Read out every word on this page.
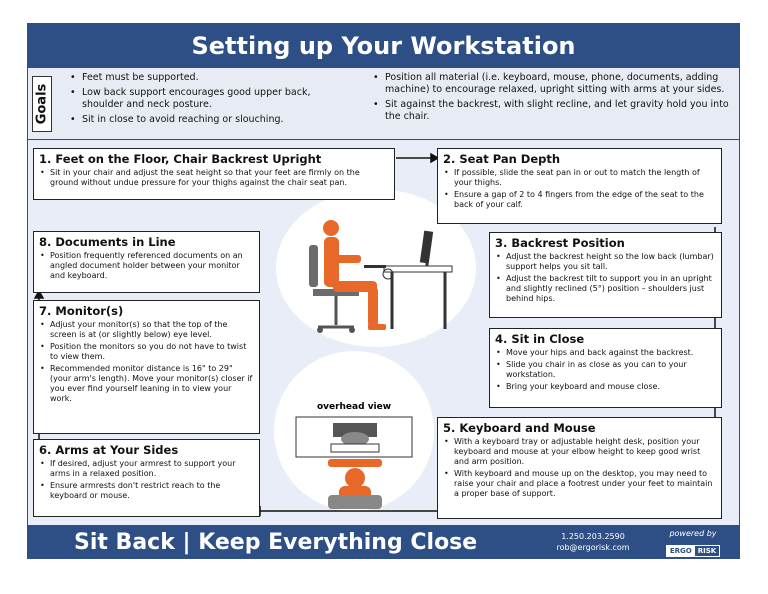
Setting up Your Workstation
Goals
• Feet must be supported.
• Low back support encourages good upper back, shoulder and neck posture.
• Sit in close to avoid reaching or slouching.
• Position all material (i.e. keyboard, mouse, phone, documents, adding machine) to encourage relaxed, upright sitting with arms at your sides.
• Sit against the backrest, with slight recline, and let gravity hold you into the chair.
overhead view
1. Feet on the Floor, Chair Backrest Upright
• Sit in your chair and adjust the seat height so that your feet are firmly on the ground without undue pressure for your thighs against the chair seat pan.
2. Seat Pan Depth
• If possible, slide the seat pan in or out to match the length of your thighs.
• Ensure a gap of 2 to 4 fingers from the edge of the seat to the back of your calf.
3. Backrest Position
• Adjust the backrest height so the low back (lumbar) support helps you sit tall.
• Adjust the backrest tilt to support you in an upright and slightly reclined (5°) position – shoulders just behind hips.
4. Sit in Close
• Move your hips and back against the backrest.
• Slide you chair in as close as you can to your workstation.
• Bring your keyboard and mouse close.
5. Keyboard and Mouse
• With a keyboard tray or adjustable height desk, position your keyboard and mouse at your elbow height to keep good wrist and arm position.
• With keyboard and mouse up on the desktop, you may need to raise your chair and place a footrest under your feet to maintain a proper base of support.
8. Documents in Line
• Position frequently referenced documents on an angled document holder between your monitor and keyboard.
7. Monitor(s)
• Adjust your monitor(s) so that the top of the screen is at (or slightly below) eye level.
• Position the monitors so you do not have to twist to view them.
• Recommended monitor distance is 16" to 29" (your arm's length). Move your monitor(s) closer if you ever find yourself leaning in to view your work.
6. Arms at Your Sides
• If desired, adjust your armrest to support your arms in a relaxed position.
• Ensure armrests don't restrict reach to the keyboard or mouse.
Sit Back | Keep Everything Close	1.250.203.2590
rob@ergorisk.com
powered by
ERGO RISK
